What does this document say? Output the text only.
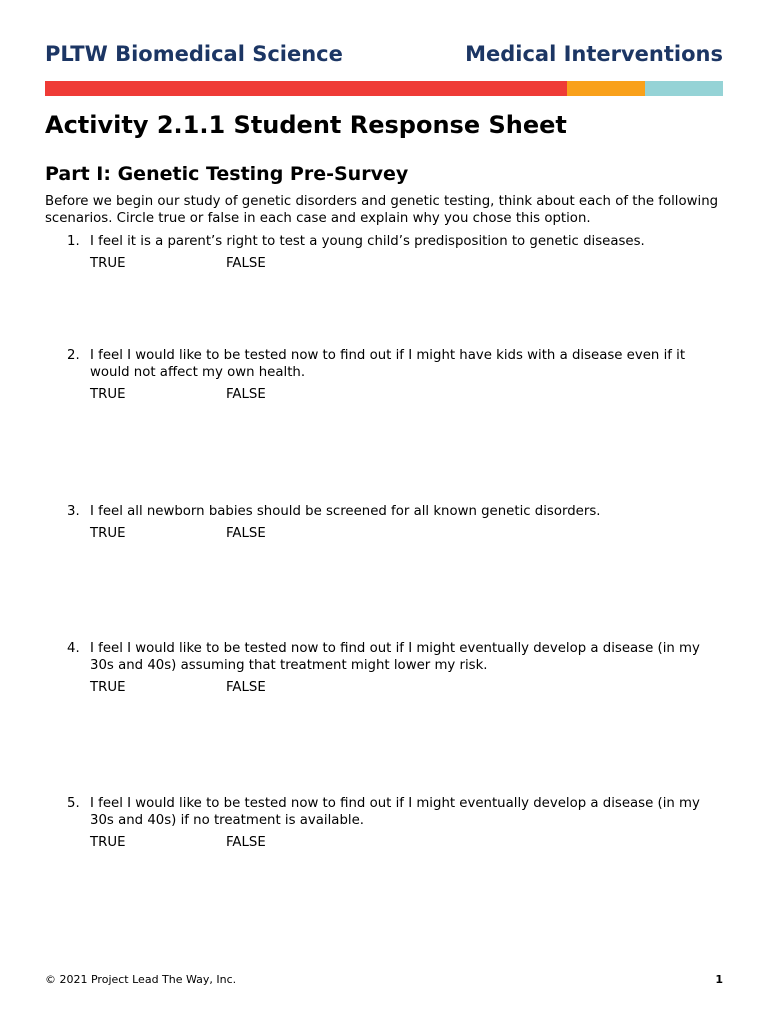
PLTW Biomedical Science	Medical Interventions
Activity 2.1.1 Student Response Sheet
Part I: Genetic Testing Pre-Survey

Before we begin our study of genetic disorders and genetic testing, think about each of the following scenarios. Circle true or false in each case and explain why you chose this option.

1. I feel it is a parent’s right to test a young child’s predisposition to genetic diseases.
TRUE	FALSE
2. I feel I would like to be tested now to find out if I might have kids with a disease even if it would not affect my own health.
TRUE	FALSE
3. I feel all newborn babies should be screened for all known genetic disorders.
TRUE	FALSE
4. I feel I would like to be tested now to find out if I might eventually develop a disease (in my 30s and 40s) assuming that treatment might lower my risk.
TRUE	FALSE
5. I feel I would like to be tested now to find out if I might eventually develop a disease (in my 30s and 40s) if no treatment is available.
TRUE	FALSE
© 2021 Project Lead The Way, Inc.	1
